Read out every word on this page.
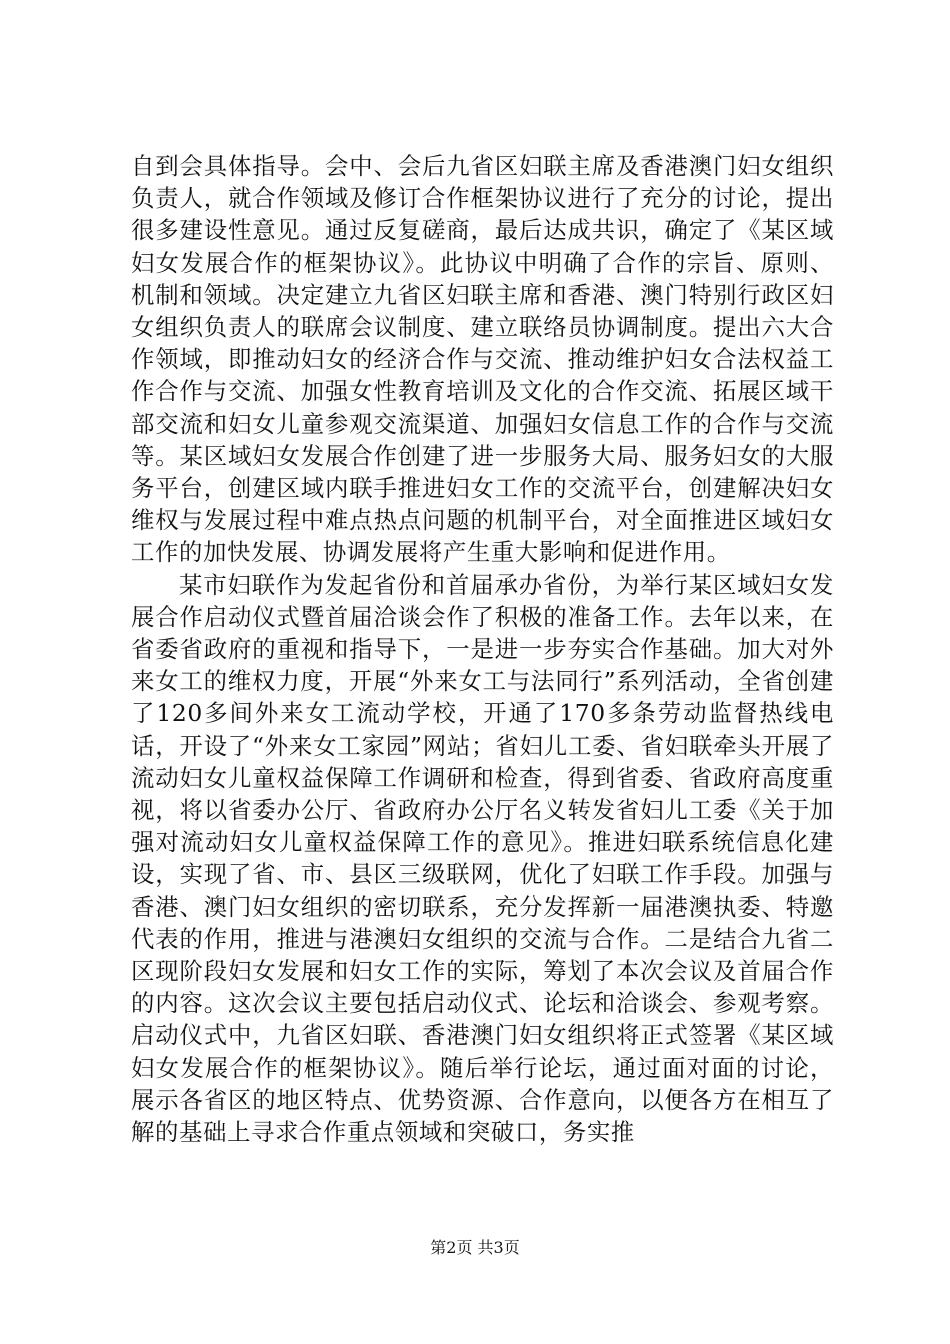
自到会具体指导。会中、会后九省区妇联主席及香港澳门妇女组织负责人，就合作领域及修订合作框架协议进行了充分的讨论，提出很多建设性意见。通过反复磋商，最后达成共识，确定了《某区域妇女发展合作的框架协议》。此协议中明确了合作的宗旨、原则、机制和领域。决定建立九省区妇联主席和香港、澳门特别行政区妇女组织负责人的联席会议制度、建立联络员协调制度。提出六大合作领域，即推动妇女的经济合作与交流、推动维护妇女合法权益工作合作与交流、加强女性教育培训及文化的合作交流、拓展区域干部交流和妇女儿童参观交流渠道、加强妇女信息工作的合作与交流等。某区域妇女发展合作创建了进一步服务大局、服务妇女的大服务平台，创建区域内联手推进妇女工作的交流平台，创建解决妇女维权与发展过程中难点热点问题的机制平台，对全面推进区域妇女工作的加快发展、协调发展将产生重大影响和促进作用。

某市妇联作为发起省份和首届承办省份，为举行某区域妇女发展合作启动仪式暨首届洽谈会作了积极的准备工作。去年以来，在省委省政府的重视和指导下，一是进一步夯实合作基础。加大对外来女工的维权力度，开展“外来女工与法同行”系列活动，全省创建了120多间外来女工流动学校，开通了170多条劳动监督热线电话，开设了“外来女工家园”网站；省妇儿工委、省妇联牵头开展了流动妇女儿童权益保障工作调研和检查，得到省委、省政府高度重视，将以省委办公厅、省政府办公厅名义转发省妇儿工委《关于加强对流动妇女儿童权益保障工作的意见》。推进妇联系统信息化建设，实现了省、市、县区三级联网，优化了妇联工作手段。加强与香港、澳门妇女组织的密切联系，充分发挥新一届港澳执委、特邀代表的作用，推进与港澳妇女组织的交流与合作。二是结合九省二区现阶段妇女发展和妇女工作的实际，筹划了本次会议及首届合作的内容。这次会议主要包括启动仪式、论坛和洽谈会、参观考察。启动仪式中，九省区妇联、香港澳门妇女组织将正式签署《某区域妇女发展合作的框架协议》。随后举行论坛，通过面对面的讨论，展示各省区的地区特点、优势资源、合作意向，以便各方在相互了解的基础上寻求合作重点领域和突破口，务实推

第2页 共3页
